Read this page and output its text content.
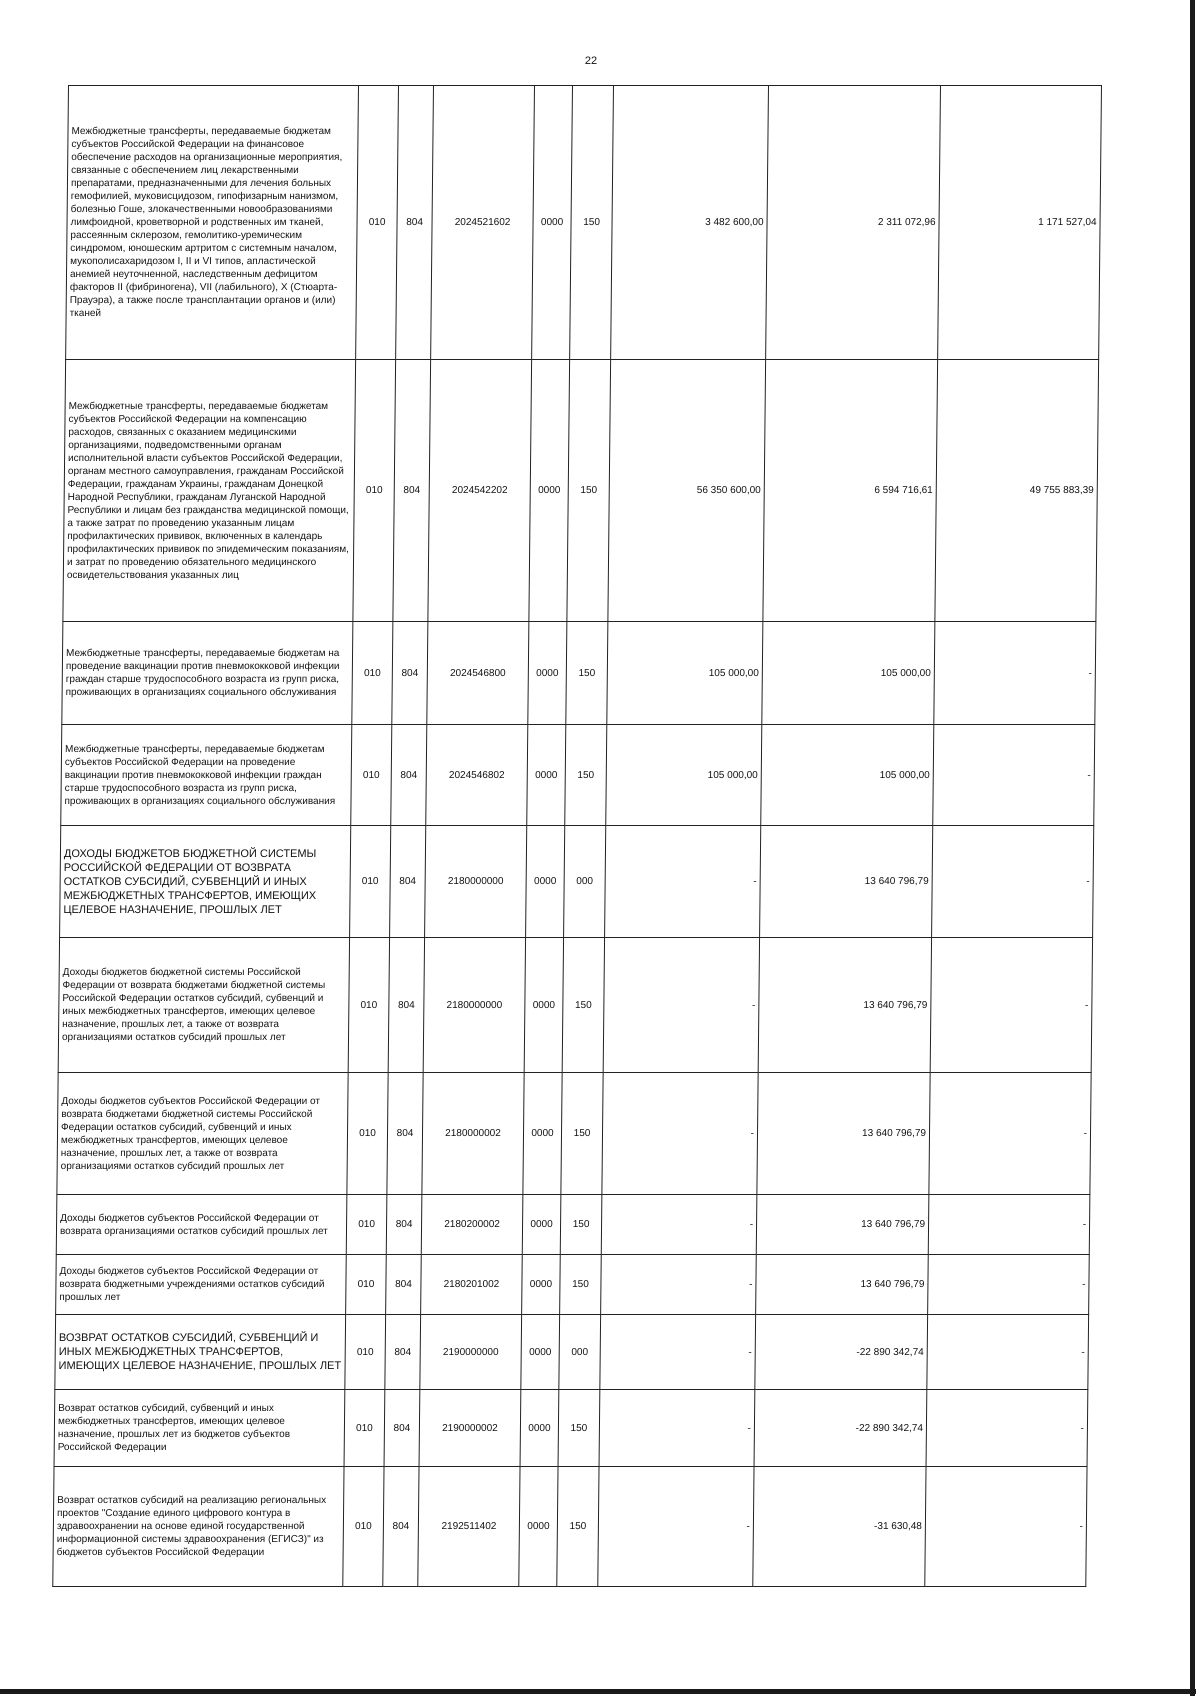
22
Межбюджетные трансферты, передаваемые бюджетам субъектов Российской Федерации на финансовое обеспечение расходов на организационные мероприятия, связанные с обеспечением лиц лекарственными препаратами, предназначенными для лечения больных гемофилией, муковисцидозом, гипофизарным нанизмом, болезнью Гоше, злокачественными новообразованиями лимфоидной, кроветворной и родственных им тканей, рассеянным склерозом, гемолитико-уремическим синдромом, юношеским артритом с системным началом, мукополисахаридозом I, II и VI типов, апластической анемией неуточненной, наследственным дефицитом факторов II (фибриногена), VII (лабильного), X (Стюарта-Прауэра), а также после трансплантации органов и (или) тканей	010	804	2024521602	0000	150	3 482 600,00	2 311 072,96	1 171 527,04
Межбюджетные трансферты, передаваемые бюджетам субъектов Российской Федерации на компенсацию расходов, связанных с оказанием медицинскими организациями, подведомственными органам исполнительной власти субъектов Российской Федерации, органам местного самоуправления, гражданам Российской Федерации, гражданам Украины, гражданам Донецкой Народной Республики, гражданам Луганской Народной Республики и лицам без гражданства медицинской помощи, а также затрат по проведению указанным лицам профилактических прививок, включенных в календарь профилактических прививок по эпидемическим показаниям, и затрат по проведению обязательного медицинского освидетельствования указанных лиц	010	804	2024542202	0000	150	56 350 600,00	6 594 716,61	49 755 883,39
Межбюджетные трансферты, передаваемые бюджетам на проведение вакцинации против пневмококковой инфекции граждан старше трудоспособного возраста из групп риска, проживающих в организациях социального обслуживания	010	804	2024546800	0000	150	105 000,00	105 000,00	-
Межбюджетные трансферты, передаваемые бюджетам субъектов Российской Федерации на проведение вакцинации против пневмококковой инфекции граждан старше трудоспособного возраста из групп риска, проживающих в организациях социального обслуживания	010	804	2024546802	0000	150	105 000,00	105 000,00	-
ДОХОДЫ БЮДЖЕТОВ БЮДЖЕТНОЙ СИСТЕМЫ РОССИЙСКОЙ ФЕДЕРАЦИИ ОТ ВОЗВРАТА ОСТАТКОВ СУБСИДИЙ, СУБВЕНЦИЙ И ИНЫХ МЕЖБЮДЖЕТНЫХ ТРАНСФЕРТОВ, ИМЕЮЩИХ ЦЕЛЕВОЕ НАЗНАЧЕНИЕ, ПРОШЛЫХ ЛЕТ	010	804	2180000000	0000	000	-	13 640 796,79	-
Доходы бюджетов бюджетной системы Российской Федерации от возврата бюджетами бюджетной системы Российской Федерации остатков субсидий, субвенций и иных межбюджетных трансфертов, имеющих целевое назначение, прошлых лет, а также от возврата организациями остатков субсидий прошлых лет	010	804	2180000000	0000	150	-	13 640 796,79	-
Доходы бюджетов субъектов Российской Федерации от возврата бюджетами бюджетной системы Российской Федерации остатков субсидий, субвенций и иных межбюджетных трансфертов, имеющих целевое назначение, прошлых лет, а также от возврата организациями остатков субсидий прошлых лет	010	804	2180000002	0000	150	-	13 640 796,79	-
Доходы бюджетов субъектов Российской Федерации от возврата организациями остатков субсидий прошлых лет	010	804	2180200002	0000	150	-	13 640 796,79	-
Доходы бюджетов субъектов Российской Федерации от возврата бюджетными учреждениями остатков субсидий прошлых лет	010	804	2180201002	0000	150	-	13 640 796,79	-
ВОЗВРАТ ОСТАТКОВ СУБСИДИЙ, СУБВЕНЦИЙ И ИНЫХ МЕЖБЮДЖЕТНЫХ ТРАНСФЕРТОВ, ИМЕЮЩИХ ЦЕЛЕВОЕ НАЗНАЧЕНИЕ, ПРОШЛЫХ ЛЕТ	010	804	2190000000	0000	000	-	-22 890 342,74	-
Возврат остатков субсидий, субвенций и иных межбюджетных трансфертов, имеющих целевое назначение, прошлых лет из бюджетов субъектов Российской Федерации	010	804	2190000002	0000	150	-	-22 890 342,74	-
Возврат остатков субсидий на реализацию региональных проектов "Создание единого цифрового контура в здравоохранении на основе единой государственной информационной системы здравоохранения (ЕГИСЗ)" из бюджетов субъектов Российской Федерации	010	804	2192511402	0000	150	-	-31 630,48	-
